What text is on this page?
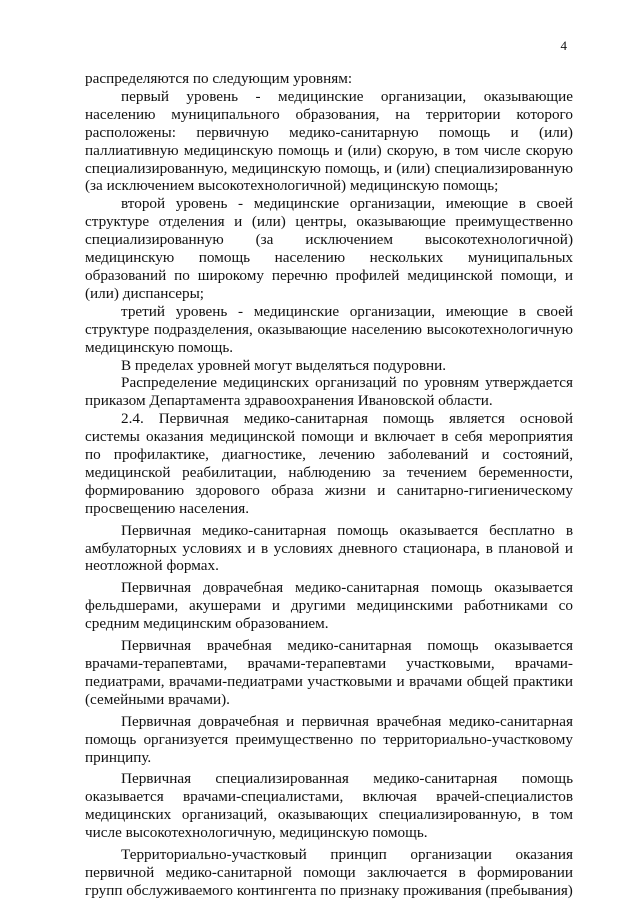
4

распределяются по следующим уровням:

первый уровень - медицинские организации, оказывающие населению муниципального образования, на территории которого расположены: первичную медико-санитарную помощь и (или) паллиативную медицинскую помощь и (или) скорую, в том числе скорую специализированную, медицинскую помощь, и (или) специализированную (за исключением высокотехнологичной) медицинскую помощь;

второй уровень - медицинские организации, имеющие в своей структуре отделения и (или) центры, оказывающие преимущественно специализированную (за исключением высокотехнологичной) медицинскую помощь населению нескольких муниципальных образований по широкому перечню профилей медицинской помощи, и (или) диспансеры;

третий уровень - медицинские организации, имеющие в своей структуре подразделения, оказывающие населению высокотехнологичную медицинскую помощь.

В пределах уровней могут выделяться подуровни.

Распределение медицинских организаций по уровням утверждается приказом Департамента здравоохранения Ивановской области.

2.4. Первичная медико-санитарная помощь является основой системы оказания медицинской помощи и включает в себя мероприятия по профилактике, диагностике, лечению заболеваний и состояний, медицинской реабилитации, наблюдению за течением беременности, формированию здорового образа жизни и санитарно-гигиеническому просвещению населения.

Первичная медико-санитарная помощь оказывается бесплатно в амбулаторных условиях и в условиях дневного стационара, в плановой и неотложной формах.

Первичная доврачебная медико-санитарная помощь оказывается фельдшерами, акушерами и другими медицинскими работниками со средним медицинским образованием.

Первичная врачебная медико-санитарная помощь оказывается врачами-терапевтами, врачами-терапевтами участковыми, врачами-педиатрами, врачами-педиатрами участковыми и врачами общей практики (семейными врачами).

Первичная доврачебная и первичная врачебная медико-санитарная помощь организуется преимущественно по территориально-участковому принципу.

Первичная специализированная медико-санитарная помощь оказывается врачами-специалистами, включая врачей-специалистов медицинских организаций, оказывающих специализированную, в том числе высокотехнологичную, медицинскую помощь.

Территориально-участковый принцип организации оказания первичной медико-санитарной помощи заключается в формировании групп обслуживаемого контингента по признаку проживания (пребывания)
